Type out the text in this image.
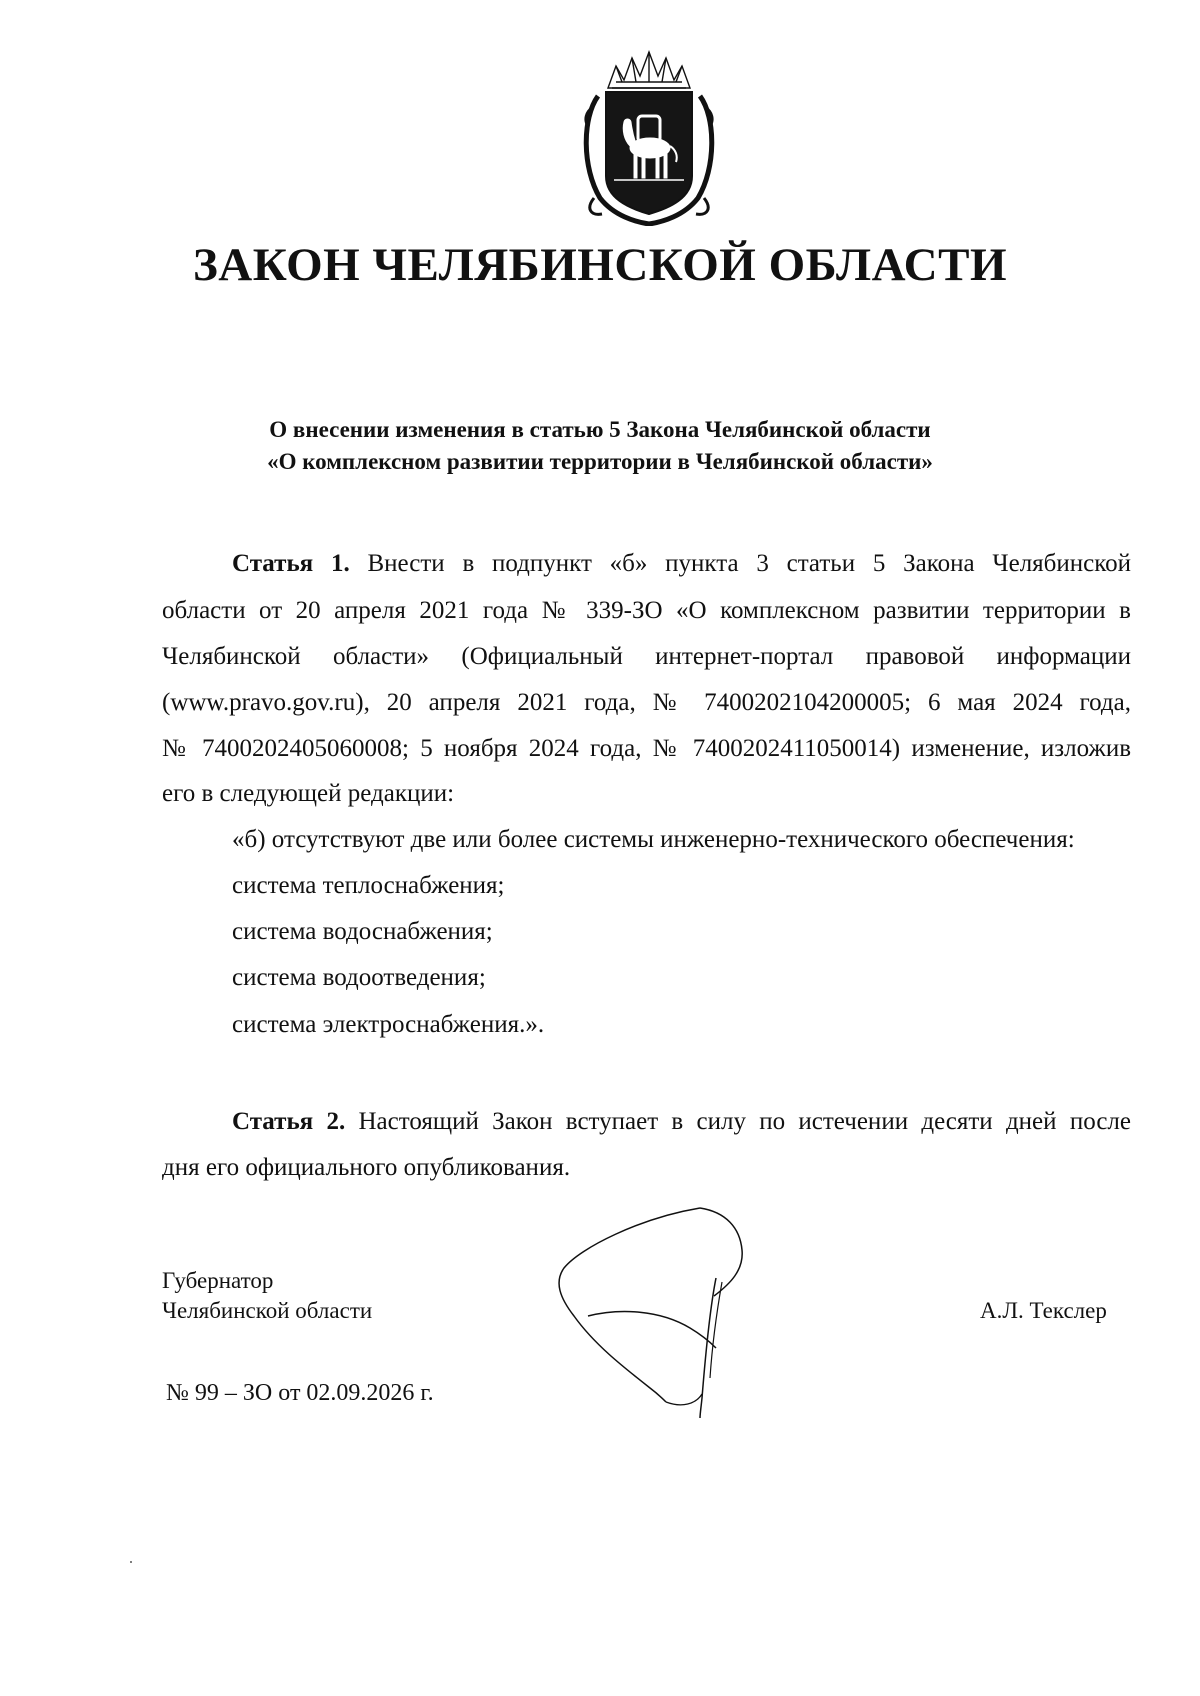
ЗАКОН ЧЕЛЯБИНСКОЙ ОБЛАСТИ
О внесении изменения в статью 5 Закона Челябинской области
«О комплексном развитии территории в Челябинской области»
Статья 1. Внести в подпункт «б» пункта 3 статьи 5 Закона Челябинской
области от 20 апреля 2021 года № 339-ЗО «О комплексном развитии территории в
Челябинской области» (Официальный интернет-портал правовой информации
(www.pravo.gov.ru), 20 апреля 2021 года, № 7400202104200005; 6 мая 2024 года,
№ 7400202405060008; 5 ноября 2024 года, № 7400202411050014) изменение, изложив
его в следующей редакции:
«б) отсутствуют две или более системы инженерно-технического обеспечения:
система теплоснабжения;
система водоснабжения;
система водоотведения;
система электроснабжения.».
Статья 2. Настоящий Закон вступает в силу по истечении десяти дней после
дня его официального опубликования.
Губернатор
Челябинской области	А.Л. Текслер
№ 99 – ЗО от 02.09.2026 г.
